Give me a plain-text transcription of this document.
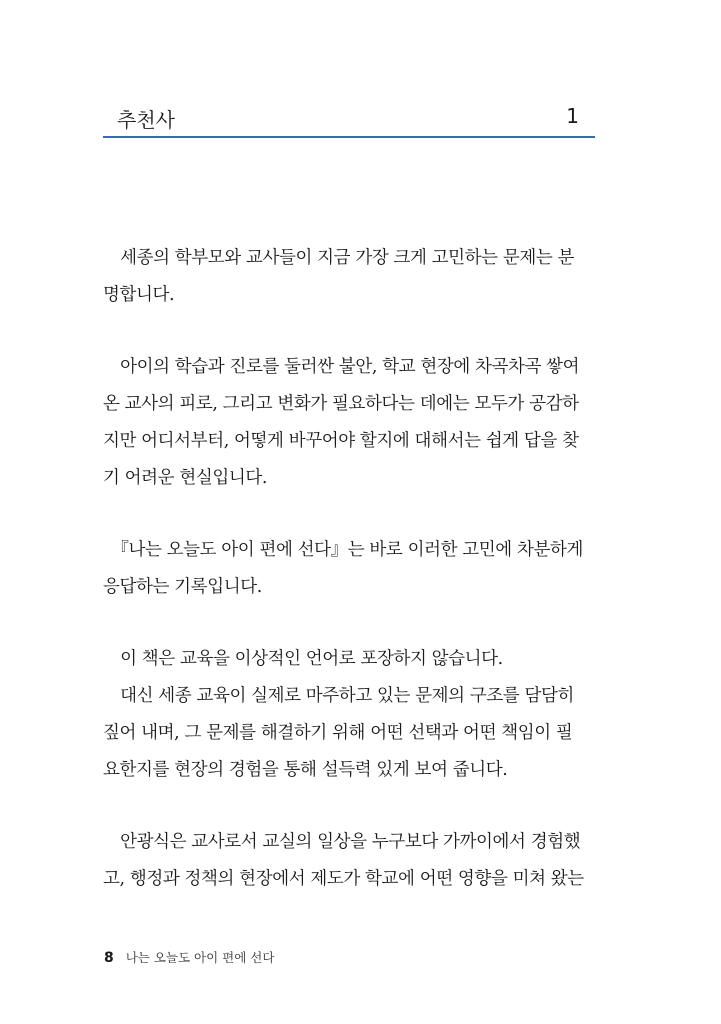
추천사	1
　세종의 학부모와 교사들이 지금 가장 크게 고민하는 문제는 분
명합니다.
　아이의 학습과 진로를 둘러싼 불안, 학교 현장에 차곡차곡 쌓여
온 교사의 피로, 그리고 변화가 필요하다는 데에는 모두가 공감하
지만 어디서부터, 어떻게 바꾸어야 할지에 대해서는 쉽게 답을 찾
기 어려운 현실입니다.
　『나는 오늘도 아이 편에 선다』는 바로 이러한 고민에 차분하게
응답하는 기록입니다.
　이 책은 교육을 이상적인 언어로 포장하지 않습니다.
　대신 세종 교육이 실제로 마주하고 있는 문제의 구조를 담담히
짚어 내며, 그 문제를 해결하기 위해 어떤 선택과 어떤 책임이 필
요한지를 현장의 경험을 통해 설득력 있게 보여 줍니다.
　안광식은 교사로서 교실의 일상을 누구보다 가까이에서 경험했
고, 행정과 정책의 현장에서 제도가 학교에 어떤 영향을 미쳐 왔는
8 나는 오늘도 아이 편에 선다
